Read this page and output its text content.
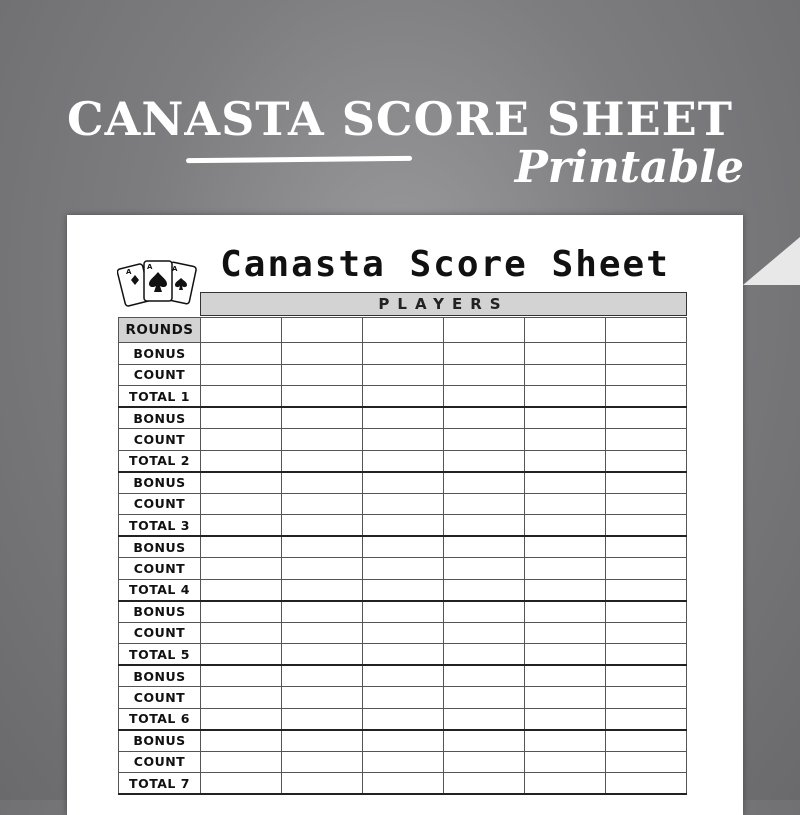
CANASTA SCORE SHEET
Printable
A
A	A Canasta Score Sheet
PLAYERS
ROUNDS						
BONUS						
COUNT						
TOTAL 1						
BONUS						
COUNT						
TOTAL 2						
BONUS						
COUNT						
TOTAL 3						
BONUS						
COUNT						
TOTAL 4						
BONUS						
COUNT						
TOTAL 5						
BONUS						
COUNT						
TOTAL 6						
BONUS						
COUNT						
TOTAL 7						
